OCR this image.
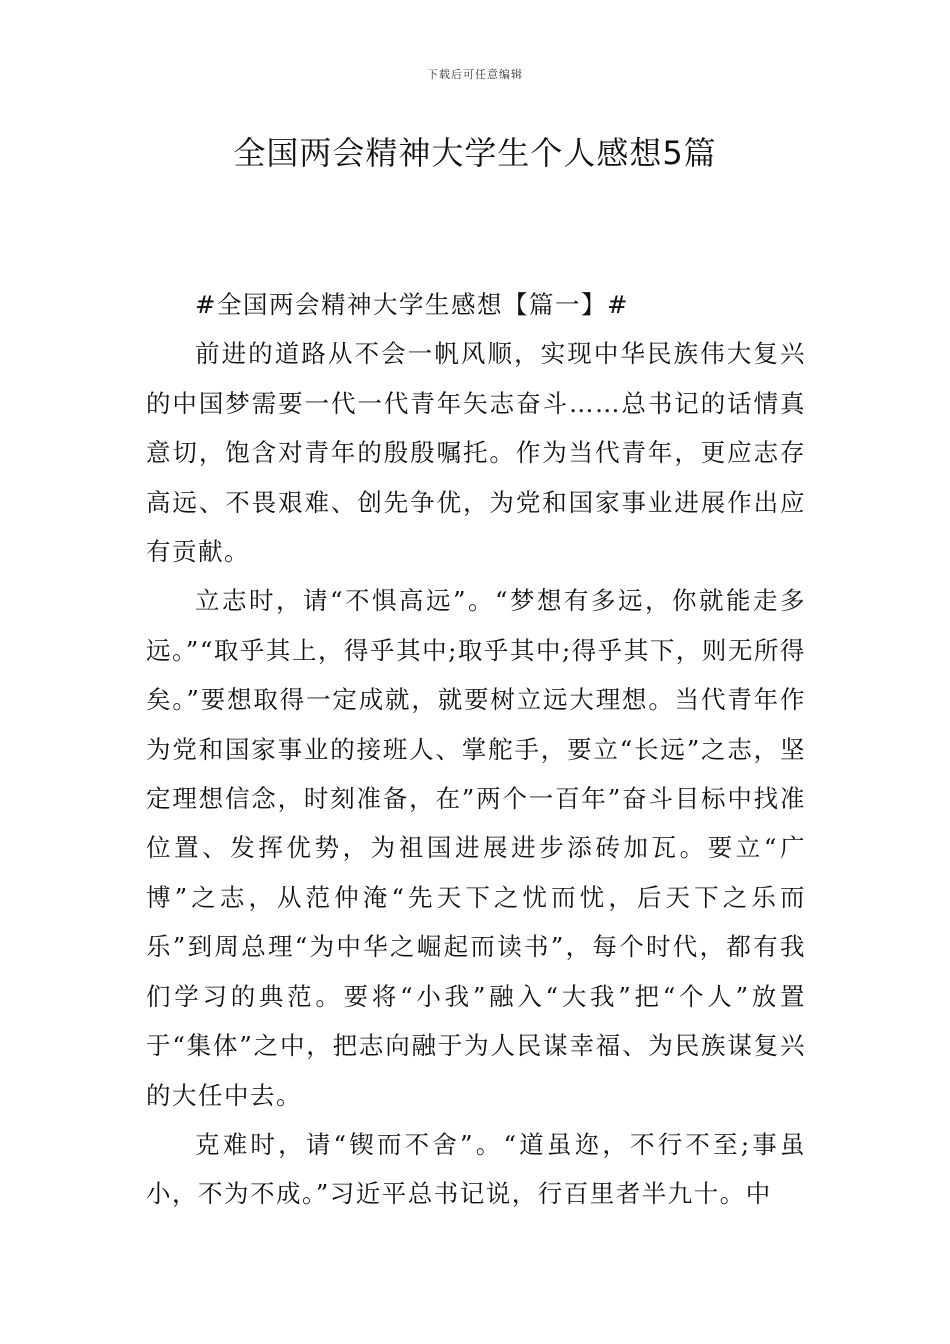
下载后可任意编辑
全国两会精神大学生个人感想5篇

#全国两会精神大学生感想【篇一】#

前进的道路从不会一帆风顺，实现中华民族伟大复兴的中国梦需要一代一代青年矢志奋斗……总书记的话情真意切，饱含对青年的殷殷嘱托。作为当代青年，更应志存高远、不畏艰难、创先争优，为党和国家事业进展作出应有贡献。

立志时，请“不惧高远”。“梦想有多远，你就能走多远。”“取乎其上，得乎其中;取乎其中;得乎其下，则无所得矣。”要想取得一定成就，就要树立远大理想。当代青年作为党和国家事业的接班人、掌舵手，要立“长远”之志，坚定理想信念，时刻准备，在”两个一百年”奋斗目标中找准位置、发挥优势，为祖国进展进步添砖加瓦。要立“广博”之志，从范仲淹“先天下之忧而忧，后天下之乐而乐”到周总理“为中华之崛起而读书”，每个时代，都有我们学习的典范。要将“小我”融入“大我”把“个人”放置于“集体”之中，把志向融于为人民谋幸福、为民族谋复兴的大任中去。

克难时，请“锲而不舍”。“道虽迩，不行不至;事虽小，不为不成。”习近平总书记说，行百里者半九十。中
